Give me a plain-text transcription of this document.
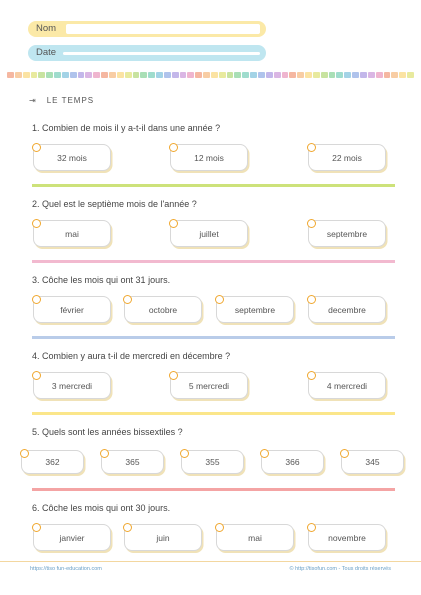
Nom
Date
⇥ LE TEMPS
1. Combien de mois il y a-t-il dans une année ?
32 mois	12 mois	22 mois
2. Quel est le septième mois de l'année ?
mai	juillet	septembre
3. Côche les mois qui ont 31 jours.
février	octobre	septembre	decembre
4. Combien y aura t-il de mercredi en décembre ?
3 mercredi	5 mercredi	4 mercredi
5. Quels sont les années bissextiles ?
362	365	355	366	345
6. Côche les mois qui ont 30 jours.
janvier	juin	mai	novembre
https://tiso fun-education.com	© http://tisofun.com - Tous droits réservés
